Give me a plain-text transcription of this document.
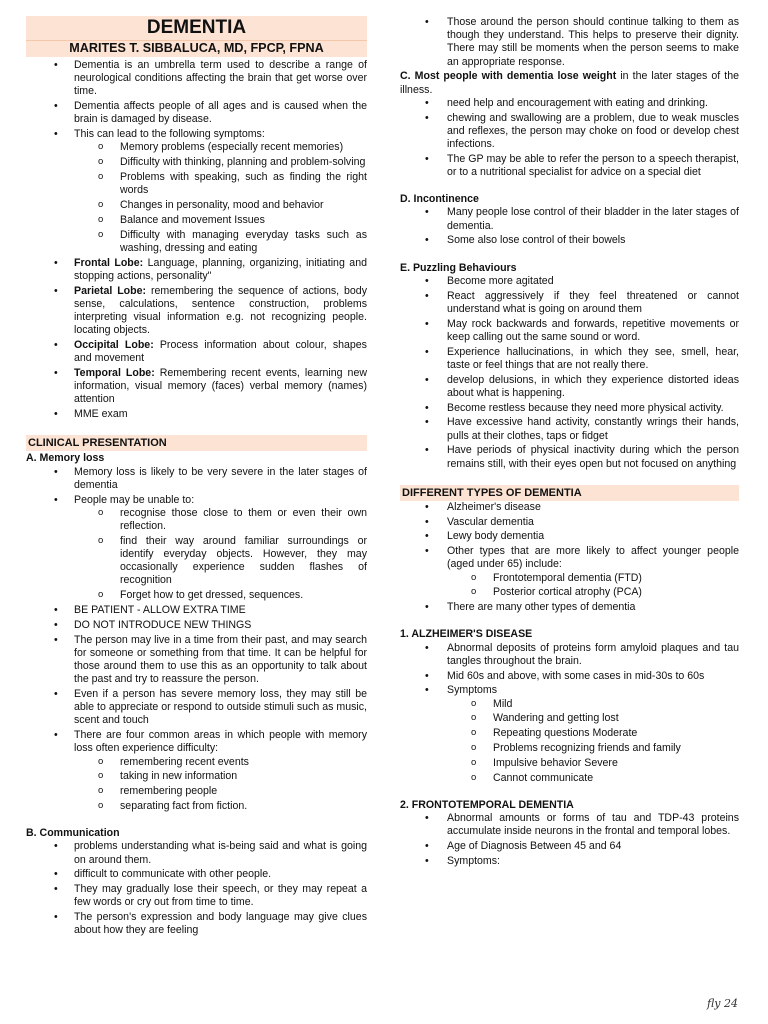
DEMENTIA
MARITES T. SIBBALUCA, MD, FPCP, FPNA
• Dementia is an umbrella term used to describe a range of neurological conditions affecting the brain that get worse over time.
• Dementia affects people of all ages and is caused when the brain is damaged by disease.
• This can lead to the following symptoms:
o Memory problems (especially recent memories)
o Difficulty with thinking, planning and problem-solving
o Problems with speaking, such as finding the right words
o Changes in personality, mood and behavior
o Balance and movement Issues
o Difficulty with managing everyday tasks such as washing, dressing and eating
• Frontal Lobe: Language, planning, organizing, initiating and stopping actions, personality"
• Parietal Lobe: remembering the sequence of actions, body sense, calculations, sentence construction, problems interpreting visual information e.g. not recognizing people. locating objects.
• Occipital Lobe: Process information about colour, shapes and movement
• Temporal Lobe: Remembering recent events, learning new information, visual memory (faces) verbal memory (names) attention
• MME exam
CLINICAL PRESENTATION
A. Memory loss
• Memory loss is likely to be very severe in the later stages of dementia
• People may be unable to:
o recognise those close to them or even their own reflection.
o find their way around familiar surroundings or identify everyday objects. However, they may occasionally experience sudden flashes of recognition
o Forget how to get dressed, sequences.
• BE PATIENT - ALLOW EXTRA TIME
• DO NOT INTRODUCE NEW THINGS
• The person may live in a time from their past, and may search for someone or something from that time. It can be helpful for those around them to use this as an opportunity to talk about the past and try to reassure the person.
• Even if a person has severe memory loss, they may still be able to appreciate or respond to outside stimuli such as music, scent and touch
• There are four common areas in which people with memory loss often experience difficulty:
o remembering recent events
o taking in new information
o remembering people
o separating fact from fiction.
B. Communication
• problems understanding what is-being said and what is going on around them.
• difficult to communicate with other people.
• They may gradually lose their speech, or they may repeat a few words or cry out from time to time.
• The person's expression and body language may give clues about how they are feeling
• Those around the person should continue talking to them as though they understand. This helps to preserve their dignity. There may still be moments when the person seems to make an appropriate response.

C. Most people with dementia lose weight in the later stages of the illness.

• need help and encouragement with eating and drinking.
• chewing and swallowing are a problem, due to weak muscles and reflexes, the person may choke on food or develop chest infections.
• The GP may be able to refer the person to a speech therapist, or to a nutritional specialist for advice on a special diet
D. Incontinence
• Many people lose control of their bladder in the later stages of dementia.
• Some also lose control of their bowels
E. Puzzling Behaviours
• Become more agitated
• React aggressively if they feel threatened or cannot understand what is going on around them
• May rock backwards and forwards, repetitive movements or keep calling out the same sound or word.
• Experience hallucinations, in which they see, smell, hear, taste or feel things that are not really there.
• develop delusions, in which they experience distorted ideas about what is happening.
• Become restless because they need more physical activity.
• Have excessive hand activity, constantly wrings their hands, pulls at their clothes, taps or fidget
• Have periods of physical inactivity during which the person remains still, with their eyes open but not focused on anything
DIFFERENT TYPES OF DEMENTIA
• Alzheimer's disease
• Vascular dementia
• Lewy body dementia
• Other types that are more likely to affect younger people (aged under 65) include:
o Frontotemporal dementia (FTD)
o Posterior cortical atrophy (PCA)
• There are many other types of dementia
1. ALZHEIMER'S DISEASE
• Abnormal deposits of proteins form amyloid plaques and tau tangles throughout the brain.
• Mid 60s and above, with some cases in mid-30s to 60s
• Symptoms
o Mild
o Wandering and getting lost
o Repeating questions Moderate
o Problems recognizing friends and family
o Impulsive behavior Severe
o Cannot communicate
2. FRONTOTEMPORAL DEMENTIA
• Abnormal amounts or forms of tau and TDP-43 proteins accumulate inside neurons in the frontal and temporal lobes.
• Age of Diagnosis Between 45 and 64
• Symptoms:
fly 24
